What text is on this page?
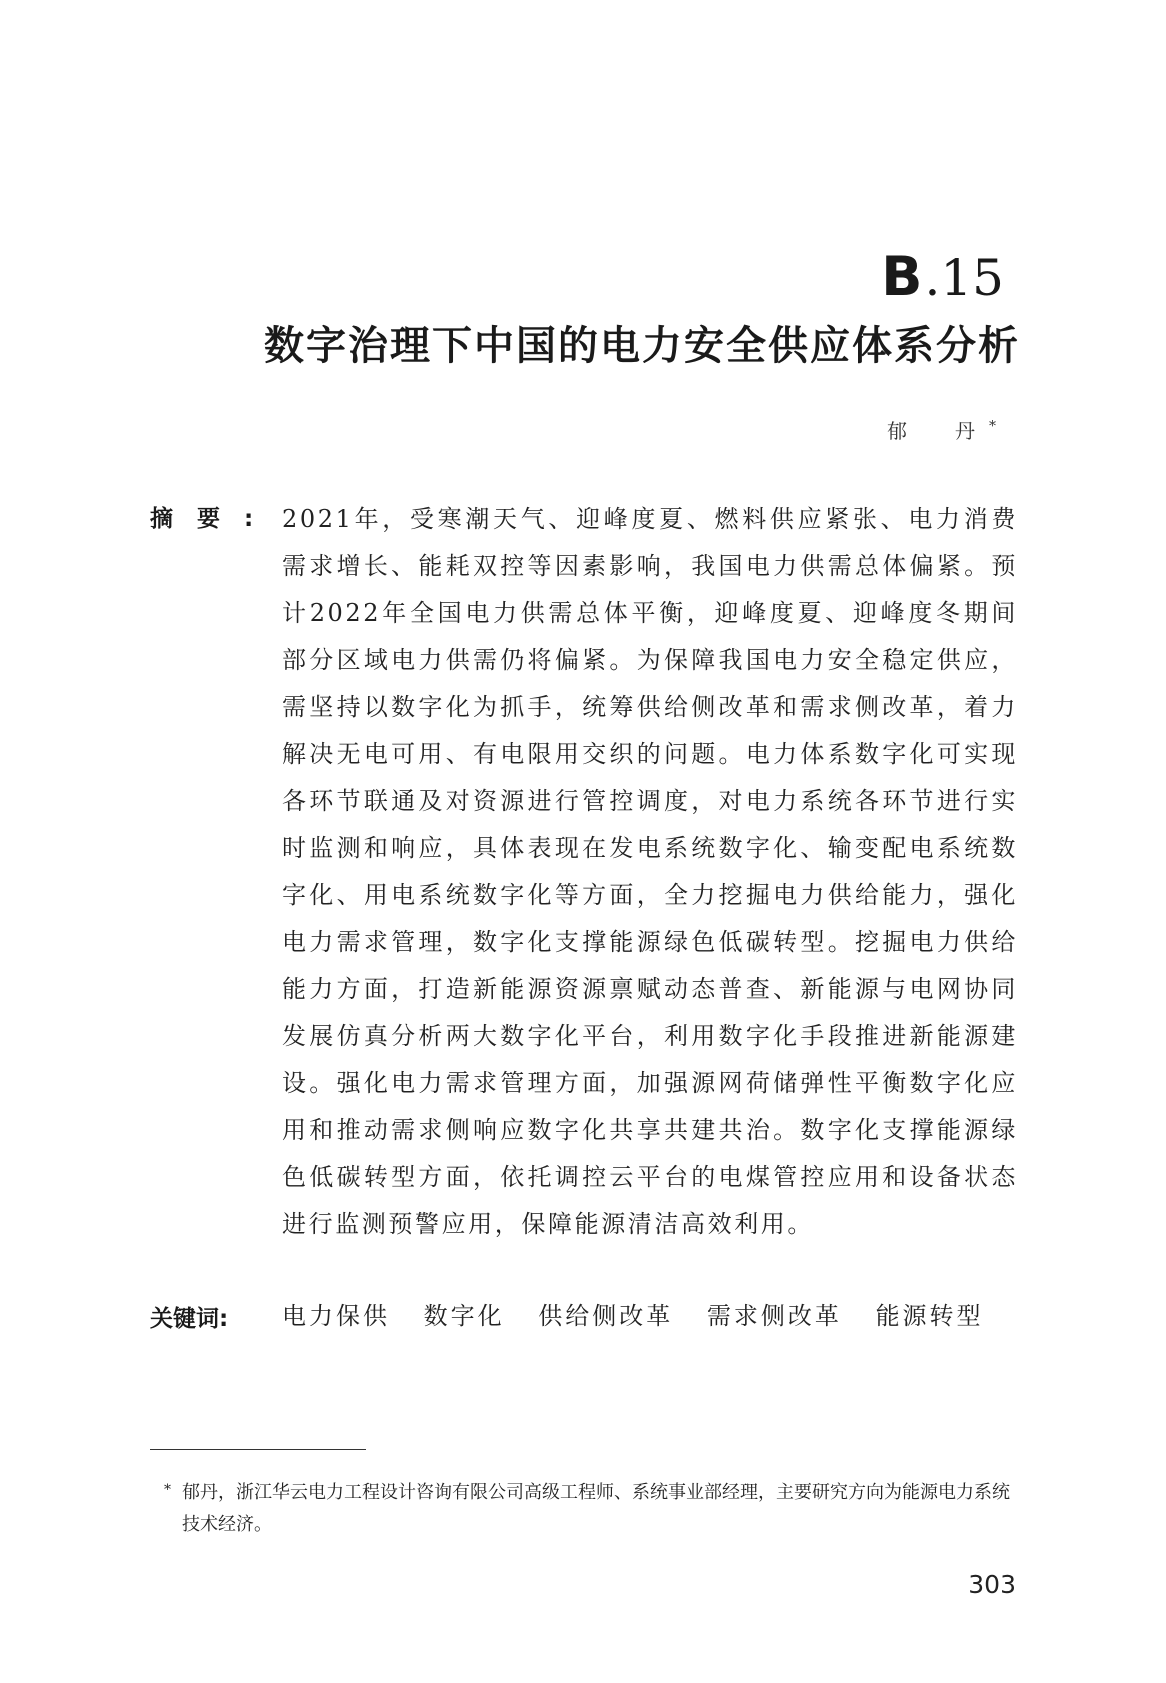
B.15
数字治理下中国的电力安全供应体系分析
郁　丹*
摘要: 2021年，受寒潮天气、迎峰度夏、燃料供应紧张、电力消费需求增长、能耗双控等因素影响，我国电力供需总体偏紧。预计2022年全国电力供需总体平衡，迎峰度夏、迎峰度冬期间部分区域电力供需仍将偏紧。为保障我国电力安全稳定供应，需坚持以数字化为抓手，统筹供给侧改革和需求侧改革，着力解决无电可用、有电限用交织的问题。电力体系数字化可实现各环节联通及对资源进行管控调度，对电力系统各环节进行实时监测和响应，具体表现在发电系统数字化、输变配电系统数字化、用电系统数字化等方面，全力挖掘电力供给能力，强化电力需求管理，数字化支撑能源绿色低碳转型。挖掘电力供给能力方面，打造新能源资源禀赋动态普查、新能源与电网协同发展仿真分析两大数字化平台，利用数字化手段推进新能源建设。强化电力需求管理方面，加强源网荷储弹性平衡数字化应用和推动需求侧响应数字化共享共建共治。数字化支撑能源绿色低碳转型方面，依托调控云平台的电煤管控应用和设备状态进行监测预警应用，保障能源清洁高效利用。
关键词: 电力保供 数字化 供给侧改革 需求侧改革 能源转型
* 郁丹，浙江华云电力工程设计咨询有限公司高级工程师、系统事业部经理，主要研究方向为能源电力系统技术经济。
303
